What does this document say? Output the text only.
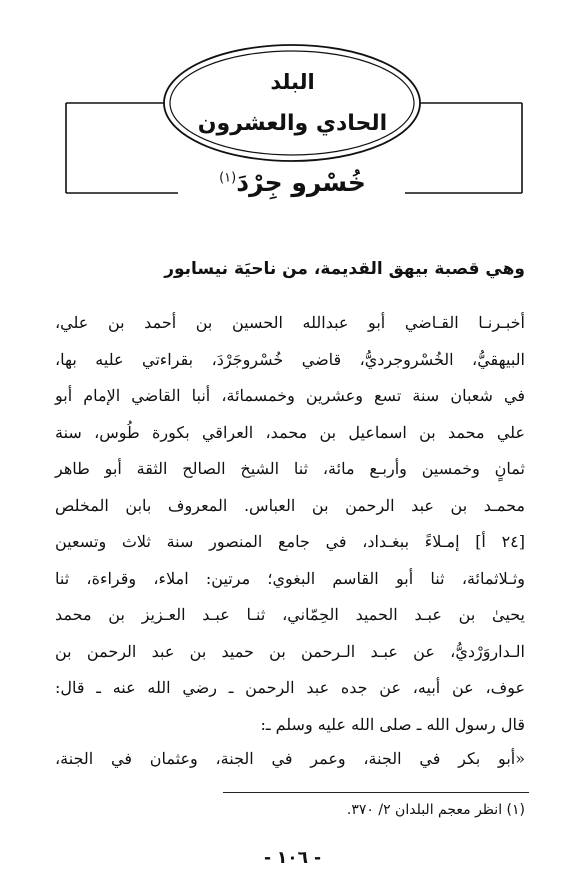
البلد
الحادي والعشرون
خُسْرو جِرْدَ$^{(١)}$
وهي قصبة بيهق القديمة، من ناحيَة نيسابور
أخبـرنـا القـاضي أبو عبدالله الحسين بن أحمد بن علي،
البيهقيُّ، الخُسْروجرديُّ، قاضي خُسْروجَرْدَ، بقراءتي عليه بها،
في شعبان سنة تسع وعشرين وخمسمائة، أنبا القاضي الإمام أبو
علي محمد بن اسماعيل بن محمد، العراقي بكورة طُوس، سنة
ثمانٍ وخمسين وأربـع مائة، ثنا الشيخ الصالح الثقة أبو طاهر
محمـد بن عبد الرحمن بن العباس. المعروف بابن المخلص
[٢٤ أ] إمـلاءً ببغـداد، في جامع المنصور سنة ثلاث وتسعين
وثـلاثمائة، ثنا أبو القاسم البغوي؛ مرتين: املاء، وقراءة، ثنا
يحيىٰ بن عبـد الحميد الحِمّاني، ثنـا عبـد العـزيز بن محمد
الـداروَرْديُّ، عن عبـد الـرحمن بن حميد بن عبد الرحمن بن
عوف، عن أبيه، عن جده عبد الرحمن ـ رضي الله عنه ـ قال:
قال رسول الله ـ صلى الله عليه وسلم ـ:
«أبو بكر في الجنة، وعمر في الجنة، وعثمان في الجنة،
(١) انظر معجم البلدان ٢/ ٣٧٠.
- ١٠٦ -
